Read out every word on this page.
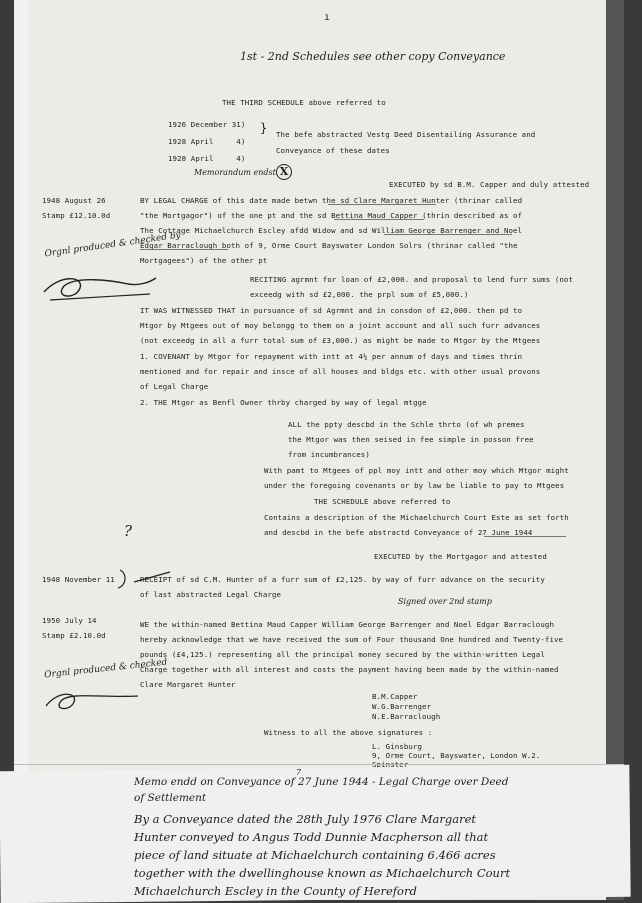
1st - 2nd Schedules see other copy Conveyance
ı
THE THIRD SCHEDULE above referred to
1926 December 31)
1928 April	4)
1928 April	4)
} The befe abstracted Vestg Deed Disentailing Assurance and
Conveyance of these dates
Memorandum endst X
EXECUTED by sd B.M. Capper and duly attested
1948 August 26
Stamp £12.10.0d
Orgnl produced & checked by
BY LEGAL CHARGE of this date made betwn the sd Clare Margaret Hunter (thrinar called
"the Mortgagor") of the one pt and the sd Bettina Maud Capper (thrin described as of
The Cottage Michaelchurch Escley afdd Widow and sd William George Barrenger and Noel
Edgar Barraclough both of 9, Orme Court Bayswater London Solrs (thrinar called "the
Mortgagees") of the other pt
RECITING agrmnt for loan of £2,000. and proposal to lend furr sums (not
exceedg with sd £2,000. the prpl sum of £5,000.)
IT WAS WITNESSED THAT in pursuance of sd Agrmnt and in consdon of £2,000. then pd to
Mtgor by Mtgees out of moy belongg to them on a joint account and all such furr advances
(not exceedg in all a furr total sum of £3,000.) as might be made to Mtgor by the Mtgees
1. COVENANT by Mtgor for repayment with intt at 4½ per annum of days and times thrin
mentioned and for repair and insce of all houses and bldgs etc. with other usual provons
of Legal Charge
2. THE Mtgor as Benfl Owner thrby charged by way of legal mtgge
ALL the ppty descbd in the Schle thrto (of wh premes
the Mtgor was then seised in fee simple in posson free
from incumbrances)
With pamt to Mtgees of ppl moy intt and other moy which Mtgor might
under the foregoing covenants or by law be liable to pay to Mtgees
THE SCHEDULE above referred to
Contains a description of the Michaelchurch Court Este as set forth
and descbd in the befe abstractd Conveyance of 27 June 1944
?
EXECUTED by the Mortgagor and attested
1948 November 11	RECEIPT of sd C.M. Hunter of a furr sum of £2,125. by way of furr advance on the security
of last abstracted Legal Charge
Signed over 2nd stamp
1950 July 14
Stamp £2.10.0d
Orgnl produced & checked
WE the within-named Bettina Maud Capper William George Barrenger and Noel Edgar Barraclough
hereby acknowledge that we have received the sum of Four thousand One hundred and Twenty-five
pounds (£4,125.) representing all the principal money secured by the within-written Legal
Charge together with all interest and costs the payment having been made by the within-named
Clare Margaret Hunter
B.M.Capper
W.G.Barrenger
N.E.Barraclough
Witness to all the above signatures :
L. Ginsburg
9, Orme Court, Bayswater, London W.2.
7
Memo endd on Conveyance of 27 June 1944 - Legal Charge over Deed
of Settlement
By a Conveyance dated the 28th July 1976 Clare Margaret
Hunter conveyed to Angus Todd Dunnie Macpherson all that
piece of land situate at Michaelchurch containing 6.466 acres
together with the dwellinghouse known as Michaelchurch Court
Michaelchurch Escley in the County of Hereford
